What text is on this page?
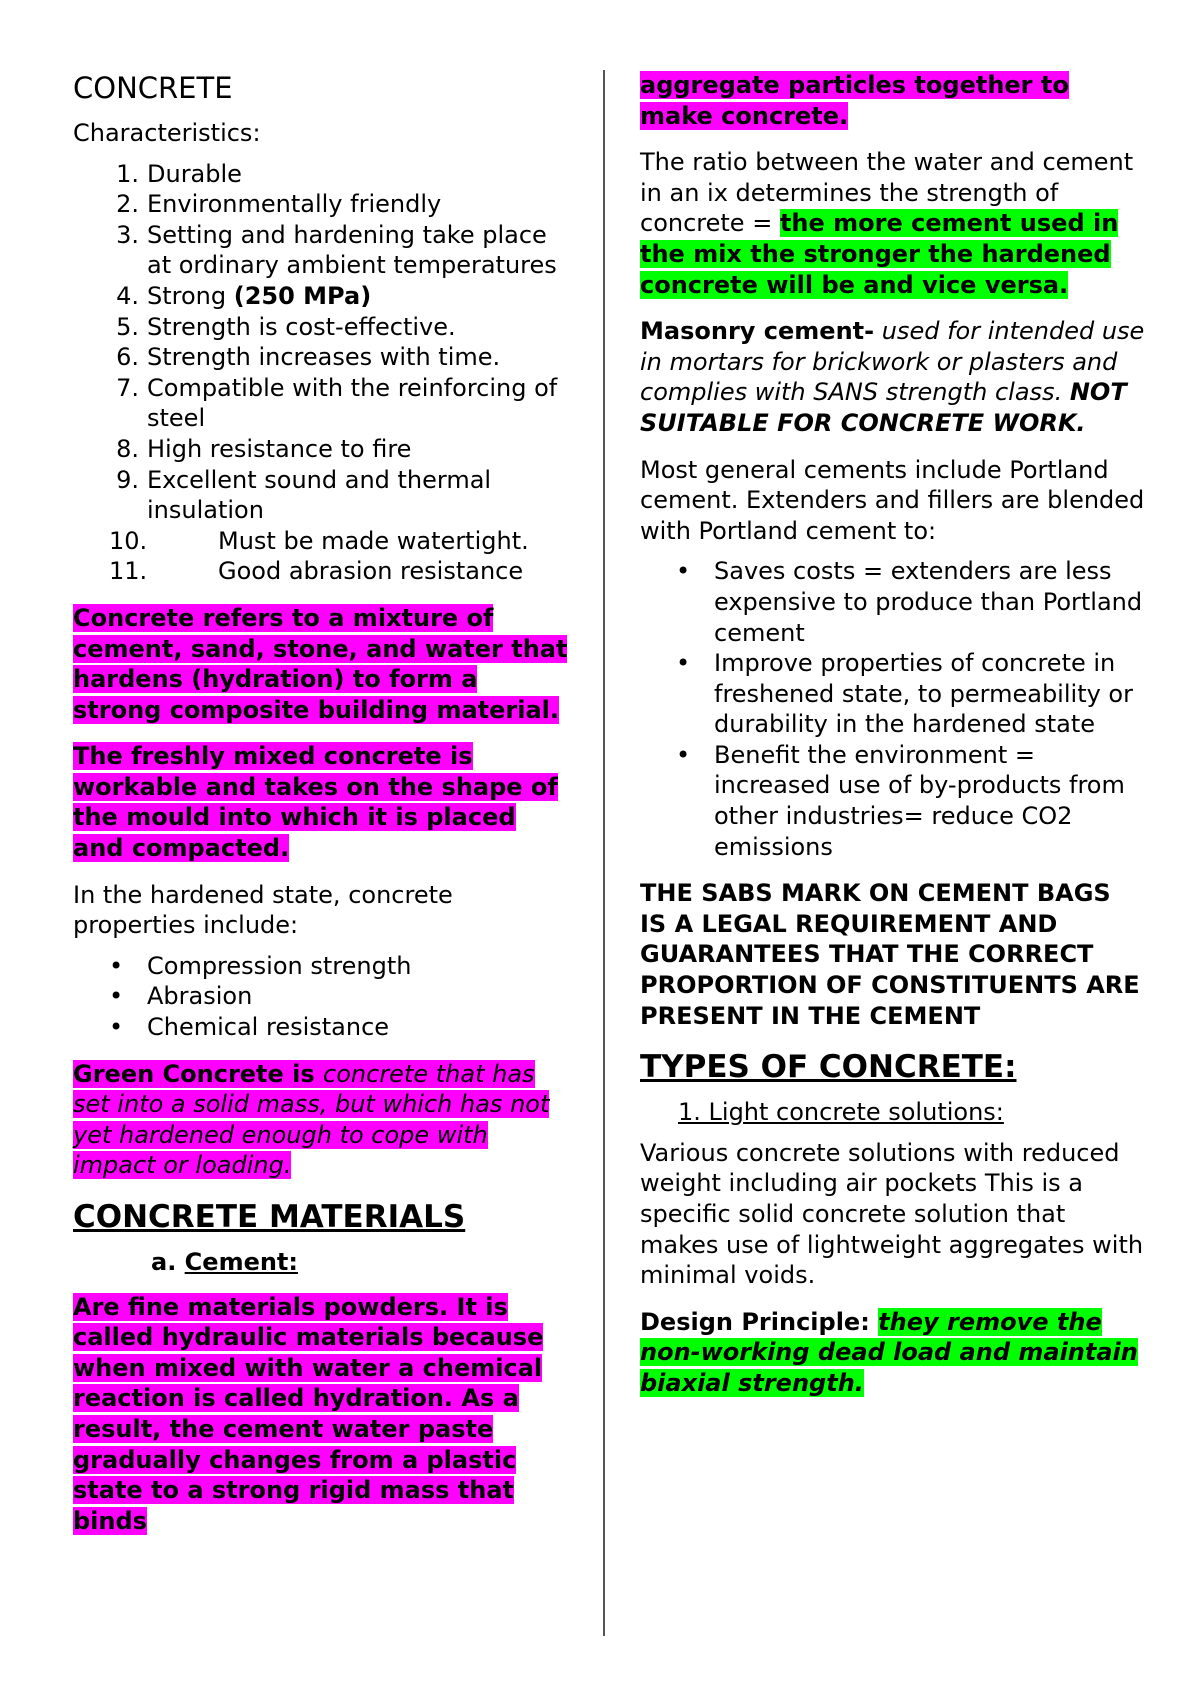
CONCRETE

Characteristics:

1. Durable
2. Environmentally friendly
3. Setting and hardening take place at ordinary ambient temperatures
4. Strong (250 MPa)
5. Strength is cost-effective.
6. Strength increases with time.
7. Compatible with the reinforcing of steel
8. High resistance to fire
9. Excellent sound and thermal insulation
10.	Must be made watertight.
11.	Good abrasion resistance

Concrete refers to a mixture of cement, sand, stone, and water that hardens (hydration) to form a strong composite building material.

The freshly mixed concrete is workable and takes on the shape of the mould into which it is placed and compacted.

In the hardened state, concrete properties include:

• Compression strength
• Abrasion
• Chemical resistance

Green Concrete is concrete that has set into a solid mass, but which has not yet hardened enough to cope with impact or loading.

CONCRETE MATERIALS
a. Cement:

Are fine materials powders. It is called hydraulic materials because when mixed with water a chemical reaction is called hydration. As a result, the cement water paste gradually changes from a plastic state to a strong rigid mass that binds

aggregate particles together to make concrete.

The ratio between the water and cement in an ix determines the strength of concrete = the more cement used in the mix the stronger the hardened concrete will be and vice versa.

Masonry cement- used for intended use in mortars for brickwork or plasters and complies with SANS strength class. NOT SUITABLE FOR CONCRETE WORK.

Most general cements include Portland cement. Extenders and fillers are blended with Portland cement to:

• Saves costs = extenders are less expensive to produce than Portland cement
• Improve properties of concrete in freshened state, to permeability or durability in the hardened state
• Benefit the environment = increased use of by-products from other industries= reduce CO2 emissions

THE SABS MARK ON CEMENT BAGS IS A LEGAL REQUIREMENT AND GUARANTEES THAT THE CORRECT PROPORTION OF CONSTITUENTS ARE PRESENT IN THE CEMENT

TYPES OF CONCRETE:
1. Light concrete solutions:

Various concrete solutions with reduced weight including air pockets This is a specific solid concrete solution that makes use of lightweight aggregates with minimal voids.

Design Principle: they remove the non-working dead load and maintain biaxial strength.
